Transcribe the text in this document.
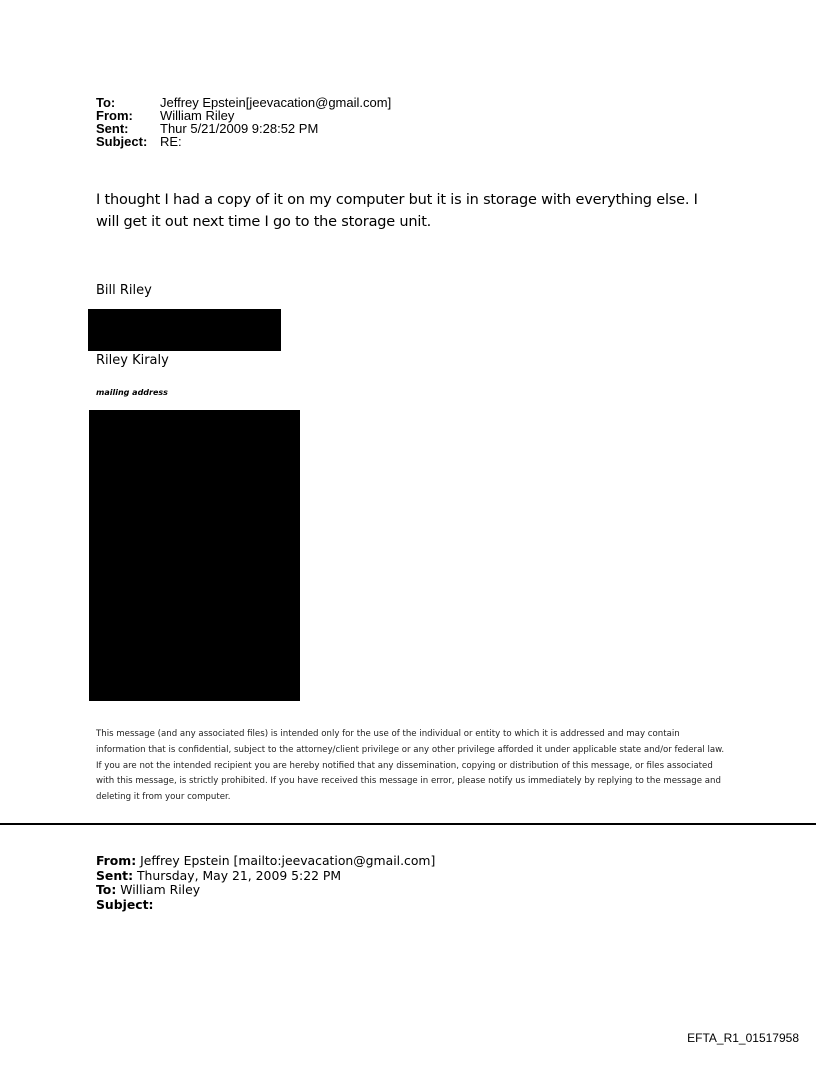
To:	Jeffrey Epstein[jeevacation@gmail.com]
From:	William Riley
Sent:	Thur 5/21/2009 9:28:52 PM
Subject: RE:
I thought I had a copy of it on my computer but it is in storage with everything else. I will get it out next time I go to the storage unit.
Bill Riley
Riley Kiraly
mailing address
This message (and any associated files) is intended only for the use of the individual or entity to which it is addressed and may contain information that is confidential, subject to the attorney/client privilege or any other privilege afforded it under applicable state and/or federal law. If you are not the intended recipient you are hereby notified that any dissemination, copying or distribution of this message, or files associated with this message, is strictly prohibited. If you have received this message in error, please notify us immediately by replying to the message and deleting it from your computer.
From: Jeffrey Epstein [mailto:jeevacation@gmail.com]
Sent: Thursday, May 21, 2009 5:22 PM
To: William Riley
Subject:
EFTA_R1_01517958
